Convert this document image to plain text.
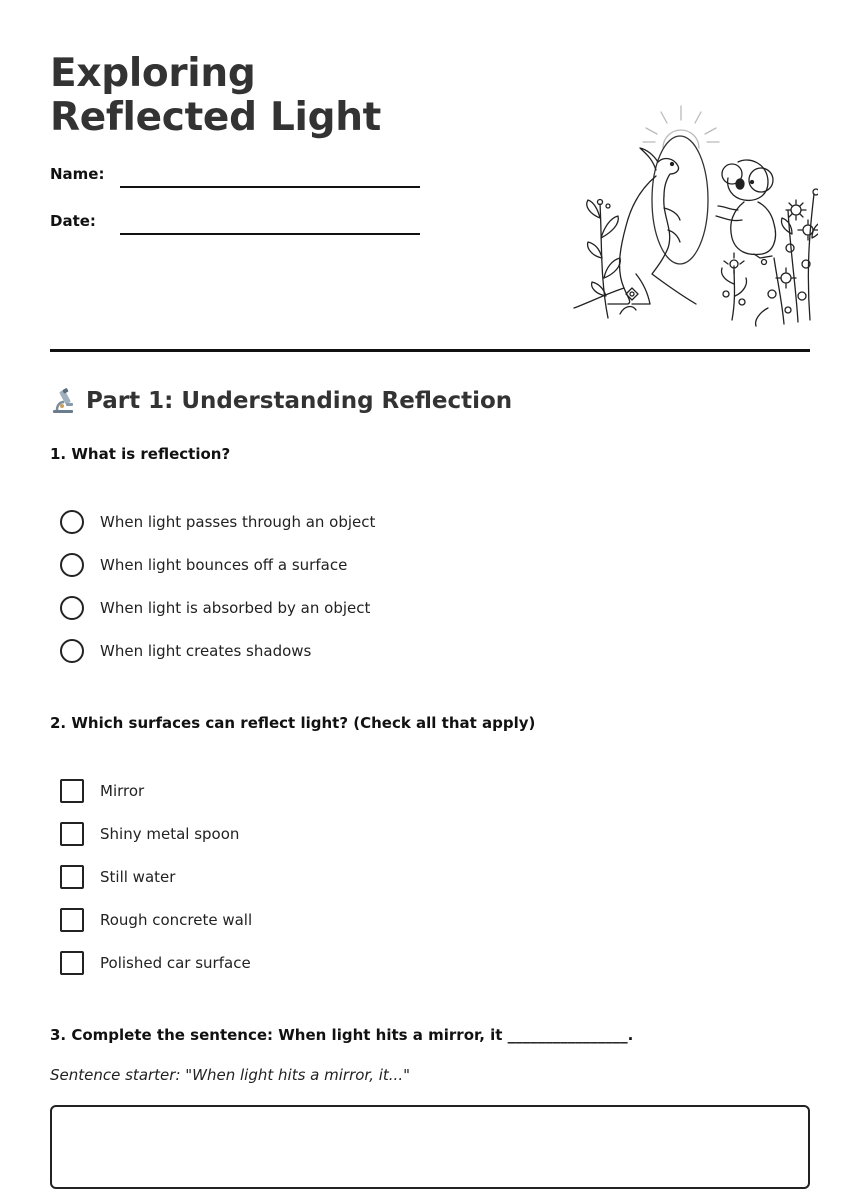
Exploring Reflected Light
Name:
Date:
Part 1: Understanding Reflection

1. What is reflection?

When light passes through an object
When light bounces off a surface
When light is absorbed by an object
When light creates shadows

2. Which surfaces can reflect light? (Check all that apply)

Mirror
Shiny metal spoon
Still water
Rough concrete wall
Polished car surface

3. Complete the sentence: When light hits a mirror, it ________________.

Sentence starter: "When light hits a mirror, it..."
